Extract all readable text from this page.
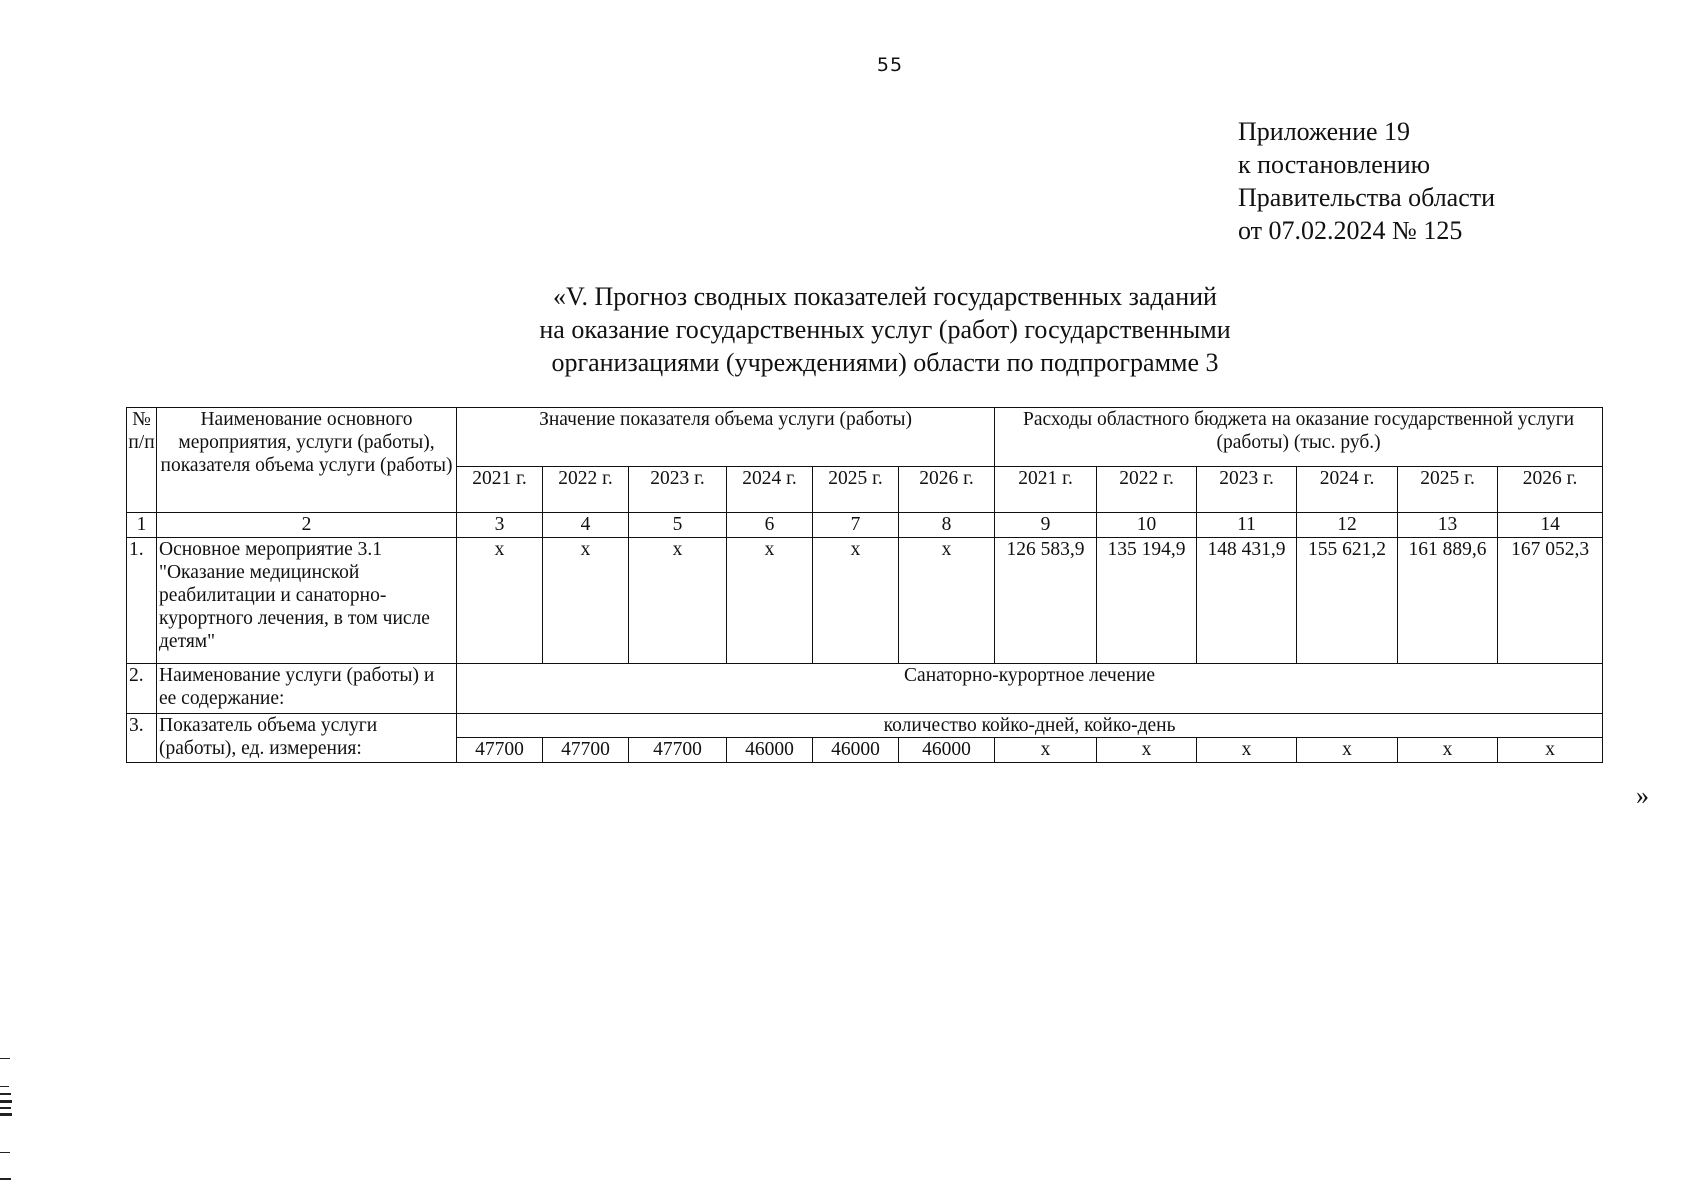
55
Приложение 19
к постановлению
Правительства области
от 07.02.2024 № 125
«V. Прогноз сводных показателей государственных заданий
на оказание государственных услуг (работ) государственными
организациями (учреждениями) области по подпрограмме 3
№ п/п	Наименование основного мероприятия, услуги (работы), показателя объема услуги (работы)	Значение показателя объема услуги (работы)						Расходы областного бюджета на оказание государственной услуги (работы) (тыс. руб.)					
		2021 г.	2022 г.	2023 г.	2024 г.	2025 г.	2026 г.	2021 г.	2022 г.	2023 г.	2024 г.	2025 г.	2026 г.
1	2	3	4	5	6	7	8	9	10	11	12	13	14
1.	Основное мероприятие 3.1 "Оказание медицинской реабилитации и санаторно-курортного лечения, в том числе детям"	х	х	х	х	х	х	126 583,9	135 194,9	148 431,9	155 621,2	161 889,6	167 052,3
2.	Наименование услуги (работы) и ее содержание:	Санаторно-курортное лечение											
3.	Показатель объема услуги (работы), ед. измерения:	количество койко-дней, койко-день											
		47700	47700	47700	46000	46000	46000	х	х	х	х	х	х
»
